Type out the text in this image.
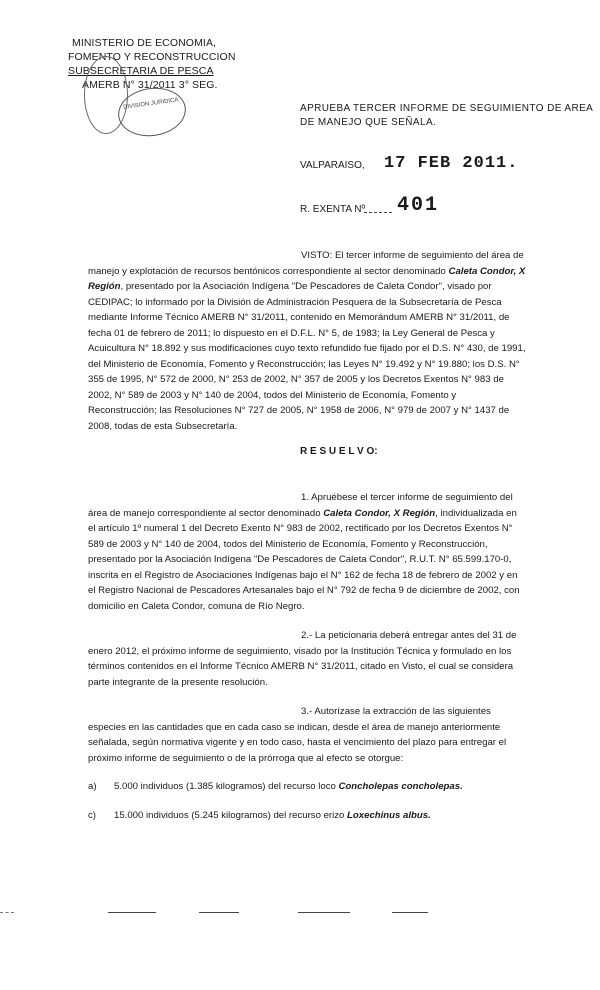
MINISTERIO DE ECONOMIA,
FOMENTO Y RECONSTRUCCION
SUBSECRETARIA DE PESCA
AMERB N° 31/2011 3° SEG.
DIVISION JURIDICA	APRUEBA TERCER INFORME DE SEGUIMIENTO DE AREA
DE MANEJO QUE SEÑALA.
VALPARAISO, 17 FEB 2011.
R. EXENTA Nº 401
VISTO: El tercer informe de seguimiento del área de
manejo y explotación de recursos bentónicos correspondiente al sector denominado Caleta Condor, X
Región, presentado por la Asociación Indígena "De Pescadores de Caleta Condor", visado por
CEDIPAC; lo informado por la División de Administración Pesquera de la Subsecretaría de Pesca
mediante Informe Técnico AMERB N° 31/2011, contenido en Memorándum AMERB N° 31/2011, de
fecha 01 de febrero de 2011; lo dispuesto en el D.F.L. N° 5, de 1983; la Ley General de Pesca y
Acuicultura N° 18.892 y sus modificaciones cuyo texto refundido fue fijado por el D.S. N° 430, de 1991,
del Ministerio de Economía, Fomento y Reconstrucción; las Leyes N° 19.492 y N° 19.880; los D.S. N°
355 de 1995, N° 572 de 2000, N° 253 de 2002, N° 357 de 2005 y los Decretos Exentos N° 983 de
2002, N° 589 de 2003 y N° 140 de 2004, todos del Ministerio de Economía, Fomento y
Reconstrucción; las Resoluciones N° 727 de 2005, N° 1958 de 2006, N° 979 de 2007 y N° 1437 de
2008, todas de esta Subsecretaría.
R E S U E L V O:
1. Apruébese el tercer informe de seguimiento del
área de manejo correspondiente al sector denominado Caleta Condor, X Región, individualizada en
el artículo 1º numeral 1 del Decreto Exento N° 983 de 2002, rectificado por los Decretos Exentos N°
589 de 2003 y N° 140 de 2004, todos del Ministerio de Economía, Fomento y Reconstrucción,
presentado por la Asociación Indígena "De Pescadores de Caleta Condor", R.U.T. N° 65.599.170-0,
inscrita en el Registro de Asociaciones Indígenas bajo el N° 162 de fecha 18 de febrero de 2002 y en
el Registro Nacional de Pescadores Artesanales bajo el N° 792 de fecha 9 de diciembre de 2002, con
domicilio en Caleta Condor, comuna de Río Negro.
2.- La peticionaria deberá entregar antes del 31 de
enero 2012, el próximo informe de seguimiento, visado por la Institución Técnica y formulado en los
términos contenidos en el Informe Técnico AMERB N° 31/2011, citado en Visto, el cual se considera
parte integrante de la presente resolución.
3.- Autorízase la extracción de las siguientes
especies en las cantidades que en cada caso se indican, desde el área de manejo anteriormente
señalada, según normativa vigente y en todo caso, hasta el vencimiento del plazo para entregar el
próximo informe de seguimiento o de la prórroga que al efecto se otorgue:
a) 5.000 individuos (1.385 kilogramos) del recurso loco Concholepas concholepas.
c) 15.000 individuos (5.245 kilogramos) del recurso erizo Loxechinus albus.
